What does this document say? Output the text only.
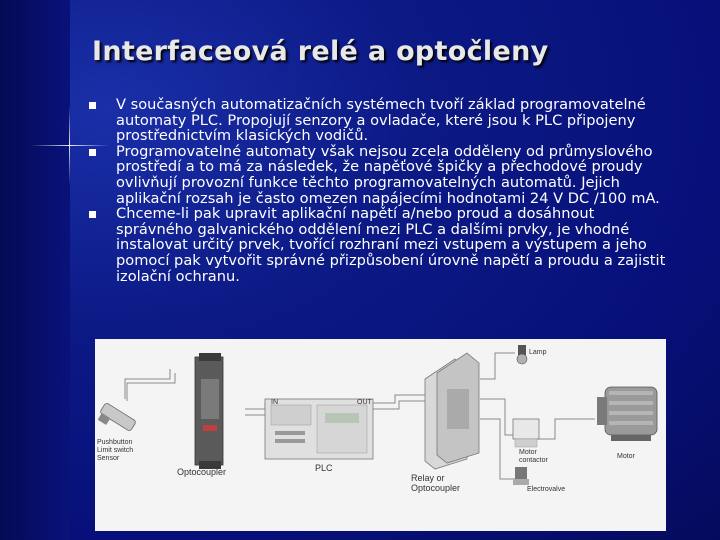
Interfaceová relé a optočleny
V současných automatizačních systémech tvoří základ programovatelné automaty PLC. Propojují senzory a ovladače, které jsou k PLC připojeny prostřednictvím klasických vodičů.
Programovatelné automaty však nejsou zcela odděleny od průmyslového prostředí a to má za následek, že napěťové špičky a přechodové proudy ovlivňují provozní funkce těchto programovatelných automatů. Jejich aplikační rozsah je často omezen napájecími hodnotami 24 V DC /100 mA.
Chceme-li pak upravit aplikační napětí a/nebo proud a dosáhnout správného galvanického oddělení mezi PLC a dalšími prvky, je vhodné instalovat určitý prvek, tvořící rozhraní mezi vstupem a výstupem a jeho pomocí pak vytvořit správné přizpůsobení úrovně napětí a proudu a zajistit izolační ochranu.
Pushbutton
Limit switch
Sensor
Optocoupler
IN	OUT
PLC
Relay or
Optocoupler
Lamp
Motor
contactor
Motor
Electrovalve
